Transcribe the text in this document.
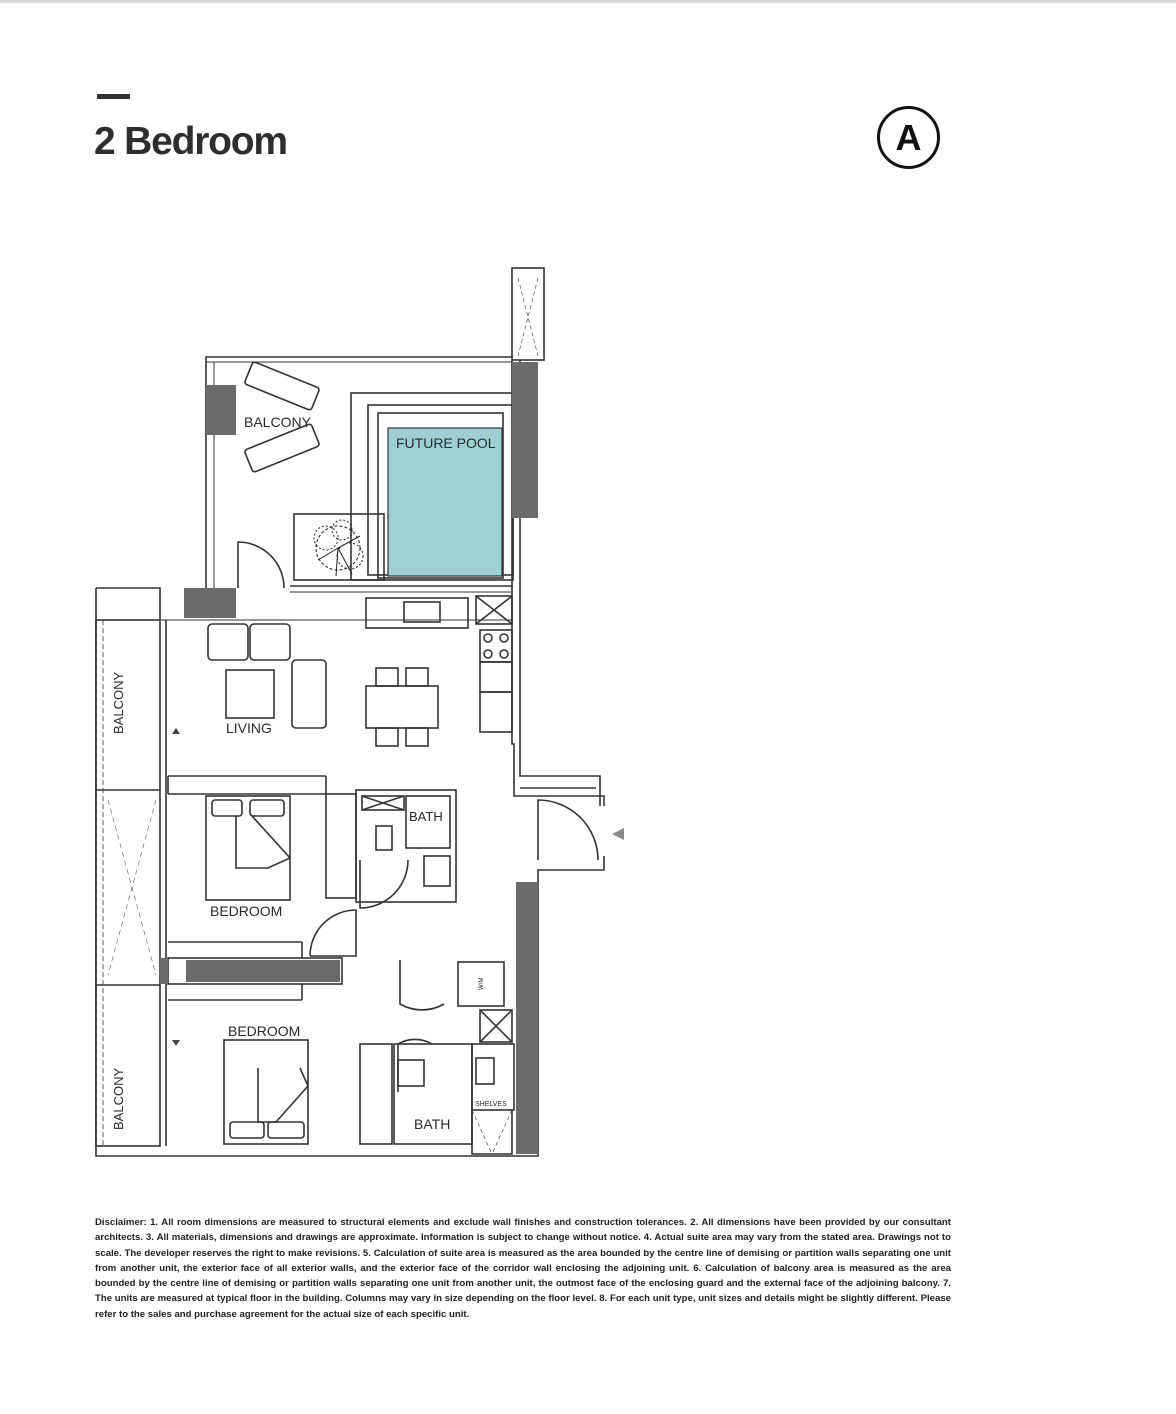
2 Bedroom	A
BALCONY
FUTURE POOL
BALCONY	LIVING
BATH
BEDROOM
BEDROOM
BALCONY	BATH
W/M
SHELVES

Disclaimer: 1. All room dimensions are measured to structural elements and exclude wall finishes and construction tolerances. 2. All dimensions have been provided by our consultant architects. 3. All materials, dimensions and drawings are approximate. Information is subject to change without notice. 4. Actual suite area may vary from the stated area. Drawings not to scale. The developer reserves the right to make revisions. 5. Calculation of suite area is measured as the area bounded by the centre line of demising or partition walls separating one unit from another unit, the exterior face of all exterior walls, and the exterior face of the corridor wall enclosing the adjoining unit. 6. Calculation of balcony area is measured as the area bounded by the centre line of demising or partition walls separating one unit from another unit, the outmost face of the enclosing guard and the external face of the adjoining balcony. 7. The units are measured at typical floor in the building. Columns may vary in size depending on the floor level. 8. For each unit type, unit sizes and details might be slightly different. Please refer to the sales and purchase agreement for the actual size of each specific unit.
